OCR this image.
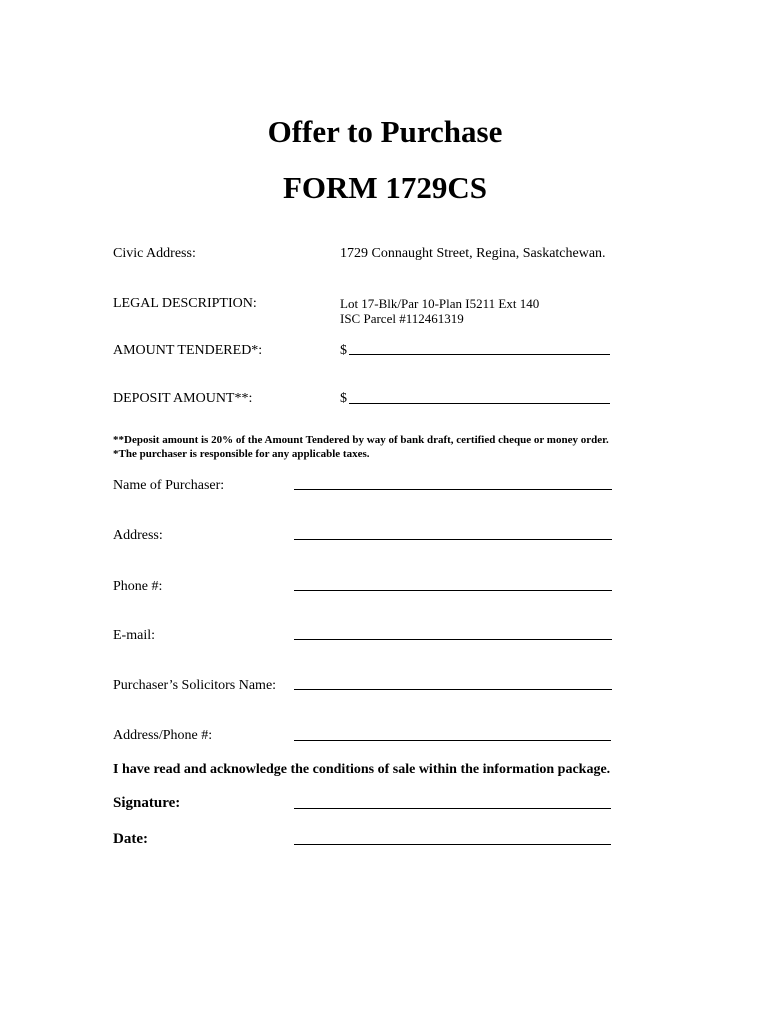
Offer to Purchase
FORM 1729CS
Civic Address:	1729 Connaught Street, Regina, Saskatchewan.
LEGAL DESCRIPTION:	Lot 17-Blk/Par 10-Plan I5211 Ext 140
ISC Parcel #112461319
AMOUNT TENDERED*:	$
DEPOSIT AMOUNT**:	$
**Deposit amount is 20% of the Amount Tendered by way of bank draft, certified cheque or money order.
*The purchaser is responsible for any applicable taxes.
Name of Purchaser:
Address:
Phone #:
E-mail:
Purchaser’s Solicitors Name:
Address/Phone #:
I have read and acknowledge the conditions of sale within the information package.
Signature:
Date:
